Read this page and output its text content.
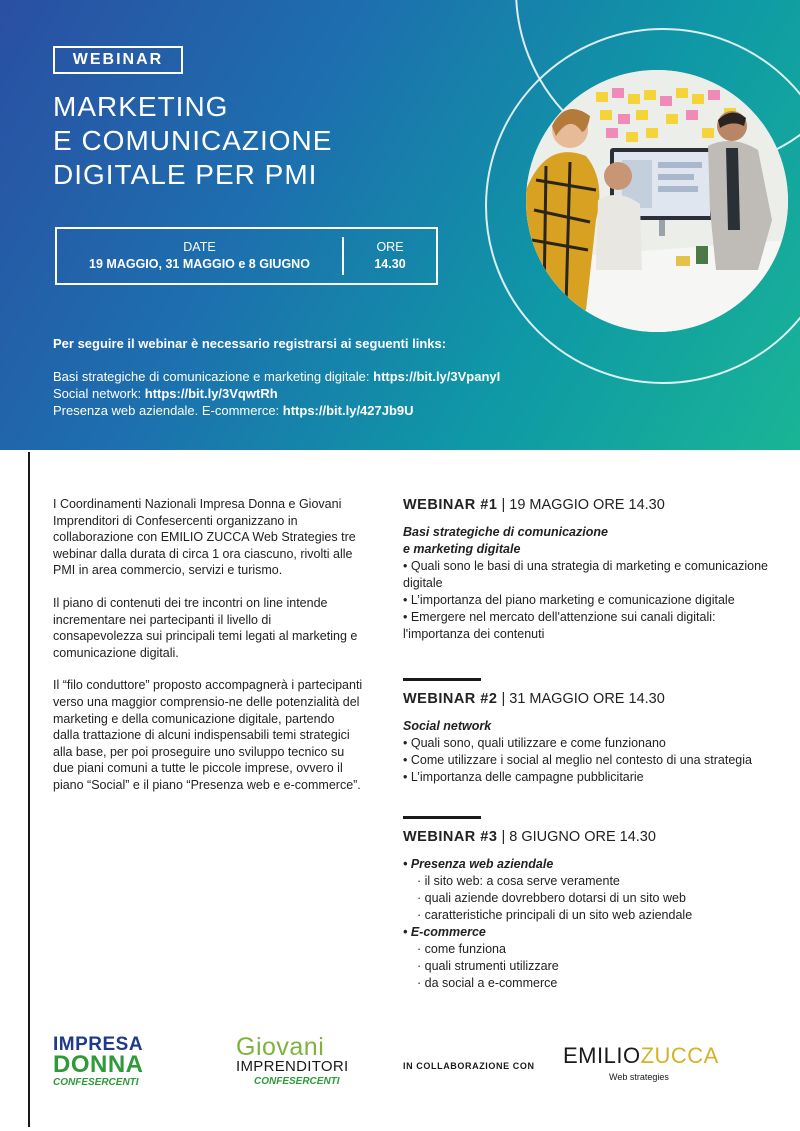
WEBINAR
MARKETING
E COMUNICAZIONE
DIGITALE PER PMI
DATE
19 MAGGIO, 31 MAGGIO e 8 GIUGNO
ORE
14.30
Per seguire il webinar è necessario registrarsi ai seguenti links:
Basi strategiche di comunicazione e marketing digitale: https://bit.ly/3VpanyI
Social network: https://bit.ly/3VqwtRh
Presenza web aziendale. E-commerce: https://bit.ly/427Jb9U

I Coordinamenti Nazionali Impresa Donna e Giovani Imprenditori di Confesercenti organizzano in collaborazione con EMILIO ZUCCA Web Strategies tre webinar dalla durata di circa 1 ora ciascuno, rivolti alle PMI in area commercio, servizi e turismo.

Il piano di contenuti dei tre incontri on line intende incrementare nei partecipanti il livello di consapevolezza sui principali temi legati al marketing e comunicazione digitali.

Il “filo conduttore” proposto accompagnerà i partecipanti verso una maggior comprensio-ne delle potenzialità del marketing e della comunicazione digitale, partendo dalla trattazione di alcuni indispensabili temi strategici alla base, per poi proseguire uno sviluppo tecnico su due piani comuni a tutte le piccole imprese, ovvero il piano “Social” e il piano “Presenza web e e-commerce”.

WEBINAR #1 | 19 MAGGIO ORE 14.30
Basi strategiche di comunicazione
e marketing digitale
• Quali sono le basi di una strategia di marketing e comunicazione digitale
• L’importanza del piano marketing e comunicazione digitale
• Emergere nel mercato dell'attenzione sui canali digitali: l'importanza dei contenuti
WEBINAR #2 | 31 MAGGIO ORE 14.30
Social network
• Quali sono, quali utilizzare e come funzionano
• Come utilizzare i social al meglio nel contesto di una strategia
• L’importanza delle campagne pubblicitarie
WEBINAR #3 | 8 GIUGNO ORE 14.30
• Presenza web aziendale
· il sito web: a cosa serve veramente
· quali aziende dovrebbero dotarsi di un sito web
· caratteristiche principali di un sito web aziendale
• E-commerce
· come funziona
· quali strumenti utilizzare
· da social a e-commerce
IMPRESA
DONNA
CONFESERCENTI
Giovani
IMPRENDITORI
CONFESERCENTI
IN COLLABORAZIONE CON EMILIOZUCCA
Web strategies
